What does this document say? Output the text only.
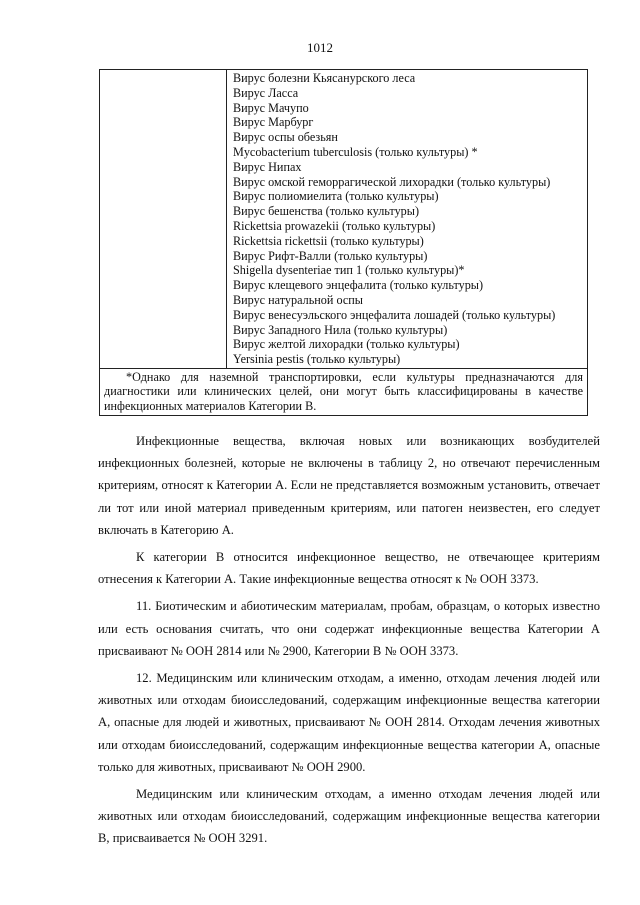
1012

Вирус болезни Кьясанурского леса
Вирус Ласса
Вирус Мачупо
Вирус Марбург
Вирус оспы обезьян
Mycobacterium tuberculosis (только культуры) *
Вирус Нипах
Вирус омской геморрагической лихорадки (только культуры)
Вирус полиомиелита (только культуры)
Вирус бешенства (только культуры)
Rickettsia prowazekii (только культуры)
Rickettsia rickettsii (только культуры)
Вирус Рифт-Валли (только культуры)
Shigella dysenteriae тип 1 (только культуры)*
Вирус клещевого энцефалита (только культуры)
Вирус натуральной оспы
Вирус венесуэльского энцефалита лошадей (только культуры)
Вирус Западного Нила (только культуры)
Вирус желтой лихорадки (только культуры)
Yersinia pestis (только культуры)

*Однако для наземной транспортировки, если культуры предназначаются для диагностики или клинических целей, они могут быть классифицированы в качестве инфекционных материалов Категории В.

Инфекционные вещества, включая новых или возникающих возбудителей инфекционных болезней, которые не включены в таблицу 2, но отвечают перечисленным критериям, относят к Категории А. Если не представляется возможным установить, отвечает ли тот или иной материал приведенным критериям, или патоген неизвестен, его следует включать в Категорию А.

К категории В относится инфекционное вещество, не отвечающее критериям отнесения к Категории А. Такие инфекционные вещества относят к № ООН 3373.

11. Биотическим и абиотическим материалам, пробам, образцам, о которых известно или есть основания считать, что они содержат инфекционные вещества Категории А присваивают № ООН 2814 или № 2900, Категории В № ООН 3373.

12. Медицинским или клиническим отходам, а именно, отходам лечения людей или животных или отходам биоисследований, содержащим инфекционные вещества категории А, опасные для людей и животных, присваивают № ООН 2814. Отходам лечения животных или отходам биоисследований, содержащим инфекционные вещества категории А, опасные только для животных, присваивают № ООН 2900.

Медицинским или клиническим отходам, а именно отходам лечения людей или животных или отходам биоисследований, содержащим инфекционные вещества категории В, присваивается № ООН 3291.
